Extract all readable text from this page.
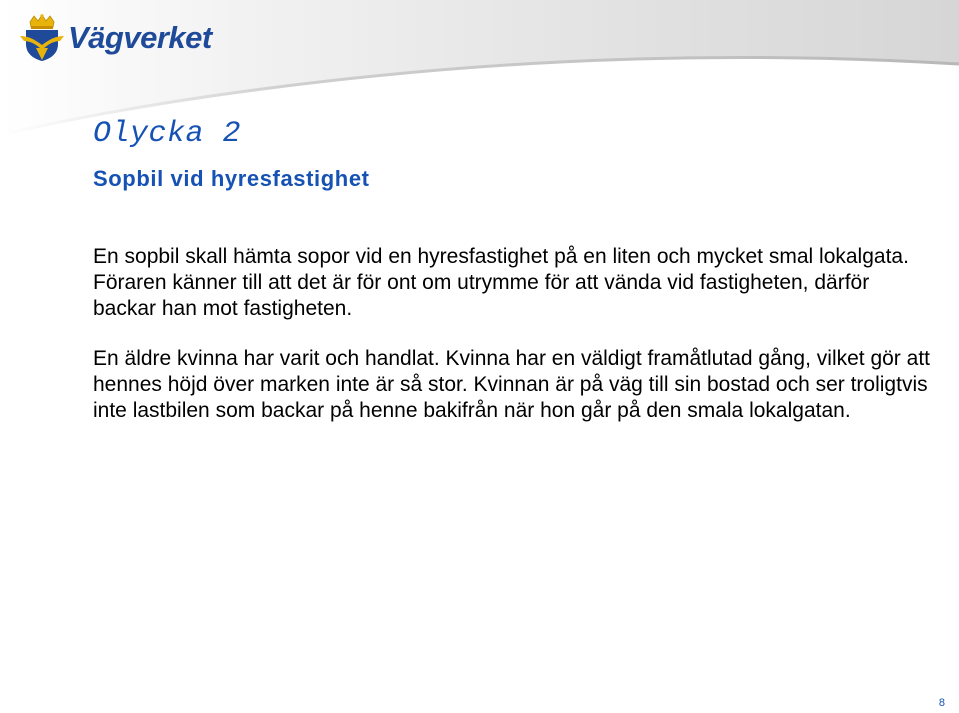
Vägverket
Olycka 2
Sopbil vid hyresfastighet

En sopbil skall hämta sopor vid en hyresfastighet på en liten och mycket smal lokalgata. Föraren känner till att det är för ont om utrymme för att vända vid fastigheten, därför backar han mot fastigheten.

En äldre kvinna har varit och handlat. Kvinna har en väldigt framåtlutad gång, vilket gör att hennes höjd över marken inte är så stor. Kvinnan är på väg till sin bostad och ser troligtvis inte lastbilen som backar på henne bakifrån när hon går på den smala lokalgatan.

8
